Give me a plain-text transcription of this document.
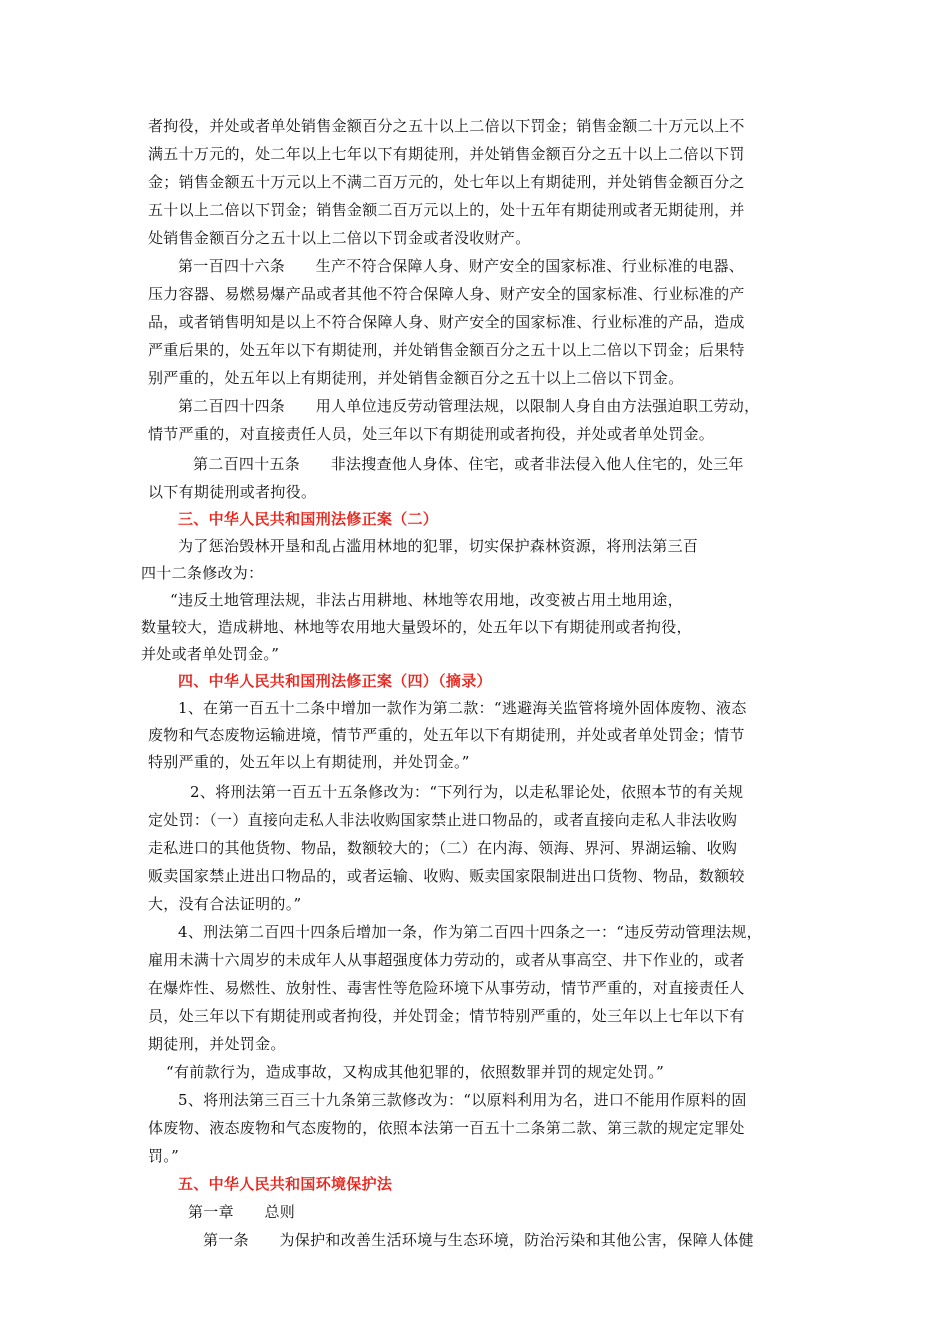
者拘役，并处或者单处销售金额百分之五十以上二倍以下罚金；销售金额二十万元以上不
满五十万元的，处二年以上七年以下有期徒刑，并处销售金额百分之五十以上二倍以下罚
金；销售金额五十万元以上不满二百万元的，处七年以上有期徒刑，并处销售金额百分之
五十以上二倍以下罚金；销售金额二百万元以上的，处十五年有期徒刑或者无期徒刑，并
处销售金额百分之五十以上二倍以下罚金或者没收财产。
第一百四十六条　　生产不符合保障人身、财产安全的国家标准、行业标准的电器、
压力容器、易燃易爆产品或者其他不符合保障人身、财产安全的国家标准、行业标准的产
品，或者销售明知是以上不符合保障人身、财产安全的国家标准、行业标准的产品，造成
严重后果的，处五年以下有期徒刑，并处销售金额百分之五十以上二倍以下罚金；后果特
别严重的，处五年以上有期徒刑，并处销售金额百分之五十以上二倍以下罚金。
第二百四十四条　　用人单位违反劳动管理法规，以限制人身自由方法强迫职工劳动，
情节严重的，对直接责任人员，处三年以下有期徒刑或者拘役，并处或者单处罚金。
第二百四十五条　　非法搜查他人身体、住宅，或者非法侵入他人住宅的，处三年
以下有期徒刑或者拘役。
三、中华人民共和国刑法修正案（二）
为了惩治毁林开垦和乱占滥用林地的犯罪，切实保护森林资源，将刑法第三百
四十二条修改为：
“违反土地管理法规，非法占用耕地、林地等农用地，改变被占用土地用途，
数量较大，造成耕地、林地等农用地大量毁坏的，处五年以下有期徒刑或者拘役，
并处或者单处罚金。”
四、中华人民共和国刑法修正案（四）（摘录）
1、在第一百五十二条中增加一款作为第二款：“逃避海关监管将境外固体废物、液态
废物和气态废物运输进境，情节严重的，处五年以下有期徒刑，并处或者单处罚金；情节
特别严重的，处五年以上有期徒刑，并处罚金。”
2、将刑法第一百五十五条修改为：“下列行为，以走私罪论处，依照本节的有关规
定处罚：（一）直接向走私人非法收购国家禁止进口物品的，或者直接向走私人非法收购
走私进口的其他货物、物品，数额较大的；（二）在内海、领海、界河、界湖运输、收购
贩卖国家禁止进出口物品的，或者运输、收购、贩卖国家限制进出口货物、物品，数额较
大，没有合法证明的。”
4、刑法第二百四十四条后增加一条，作为第二百四十四条之一：“违反劳动管理法规，
雇用未满十六周岁的未成年人从事超强度体力劳动的，或者从事高空、井下作业的，或者
在爆炸性、易燃性、放射性、毒害性等危险环境下从事劳动，情节严重的，对直接责任人
员，处三年以下有期徒刑或者拘役，并处罚金；情节特别严重的，处三年以上七年以下有
期徒刑，并处罚金。
“有前款行为，造成事故，又构成其他犯罪的，依照数罪并罚的规定处罚。”
5、将刑法第三百三十九条第三款修改为：“以原料利用为名，进口不能用作原料的固
体废物、液态废物和气态废物的，依照本法第一百五十二条第二款、第三款的规定定罪处
罚。”
五、中华人民共和国环境保护法
第一章　　总则
第一条　　为保护和改善生活环境与生态环境，防治污染和其他公害，保障人体健
